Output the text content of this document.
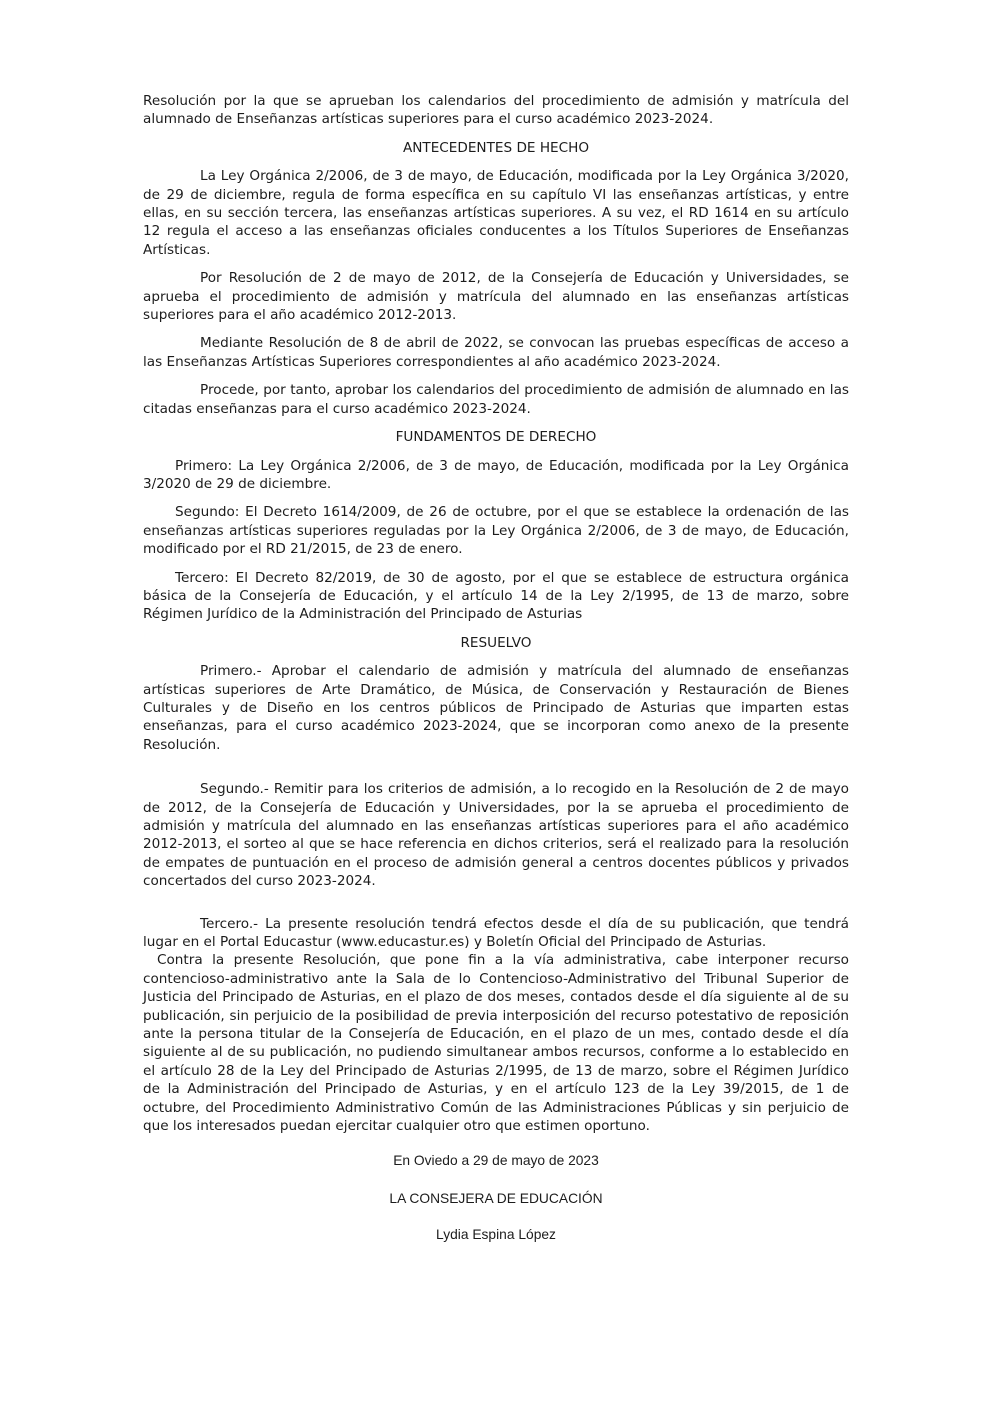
Resolución por la que se aprueban los calendarios del procedimiento de admisión y matrícula del alumnado de Enseñanzas artísticas superiores para el curso académico 2023-2024.

ANTECEDENTES DE HECHO

La Ley Orgánica 2/2006, de 3 de mayo, de Educación, modificada por la Ley Orgánica 3/2020, de 29 de diciembre, regula de forma específica en su capítulo VI las enseñanzas artísticas, y entre ellas, en su sección tercera, las enseñanzas artísticas superiores. A su vez, el RD 1614 en su artículo 12 regula el acceso a las enseñanzas oficiales conducentes a los Títulos Superiores de Enseñanzas Artísticas.

Por Resolución de 2 de mayo de 2012, de la Consejería de Educación y Universidades, se aprueba el procedimiento de admisión y matrícula del alumnado en las enseñanzas artísticas superiores para el año académico 2012-2013.

Mediante Resolución de 8 de abril de 2022, se convocan las pruebas específicas de acceso a las Enseñanzas Artísticas Superiores correspondientes al año académico 2023-2024.

Procede, por tanto, aprobar los calendarios del procedimiento de admisión de alumnado en las citadas enseñanzas para el curso académico 2023-2024.

FUNDAMENTOS DE DERECHO

Primero: La Ley Orgánica 2/2006, de 3 de mayo, de Educación, modificada por la Ley Orgánica 3/2020 de 29 de diciembre.

Segundo: El Decreto 1614/2009, de 26 de octubre, por el que se establece la ordenación de las enseñanzas artísticas superiores reguladas por la Ley Orgánica 2/2006, de 3 de mayo, de Educación, modificado por el RD 21/2015, de 23 de enero.

Tercero: El Decreto 82/2019, de 30 de agosto, por el que se establece de estructura orgánica básica de la Consejería de Educación, y el artículo 14 de la Ley 2/1995, de 13 de marzo, sobre Régimen Jurídico de la Administración del Principado de Asturias

RESUELVO

Primero.- Aprobar el calendario de admisión y matrícula del alumnado de enseñanzas artísticas superiores de Arte Dramático, de Música, de Conservación y Restauración de Bienes Culturales y de Diseño en los centros públicos de Principado de Asturias que imparten estas enseñanzas, para el curso académico 2023-2024, que se incorporan como anexo de la presente Resolución.

Segundo.- Remitir para los criterios de admisión, a lo recogido en la Resolución de 2 de mayo de 2012, de la Consejería de Educación y Universidades, por la se aprueba el procedimiento de admisión y matrícula del alumnado en las enseñanzas artísticas superiores para el año académico 2012-2013, el sorteo al que se hace referencia en dichos criterios, será el realizado para la resolución de empates de puntuación en el proceso de admisión general a centros docentes públicos y privados concertados del curso 2023-2024.

Tercero.- La presente resolución tendrá efectos desde el día de su publicación, que tendrá lugar en el Portal Educastur (www.educastur.es) y Boletín Oficial del Principado de Asturias.

Contra la presente Resolución, que pone fin a la vía administrativa, cabe interponer recurso contencioso-administrativo ante la Sala de lo Contencioso-Administrativo del Tribunal Superior de Justicia del Principado de Asturias, en el plazo de dos meses, contados desde el día siguiente al de su publicación, sin perjuicio de la posibilidad de previa interposición del recurso potestativo de reposición ante la persona titular de la Consejería de Educación, en el plazo de un mes, contado desde el día siguiente al de su publicación, no pudiendo simultanear ambos recursos, conforme a lo establecido en el artículo 28 de la Ley del Principado de Asturias 2/1995, de 13 de marzo, sobre el Régimen Jurídico de la Administración del Principado de Asturias, y en el artículo 123 de la Ley 39/2015, de 1 de octubre, del Procedimiento Administrativo Común de las Administraciones Públicas y sin perjuicio de que los interesados puedan ejercitar cualquier otro que estimen oportuno.

En Oviedo a 29 de mayo de 2023

LA CONSEJERA DE EDUCACIÓN

Lydia Espina López
